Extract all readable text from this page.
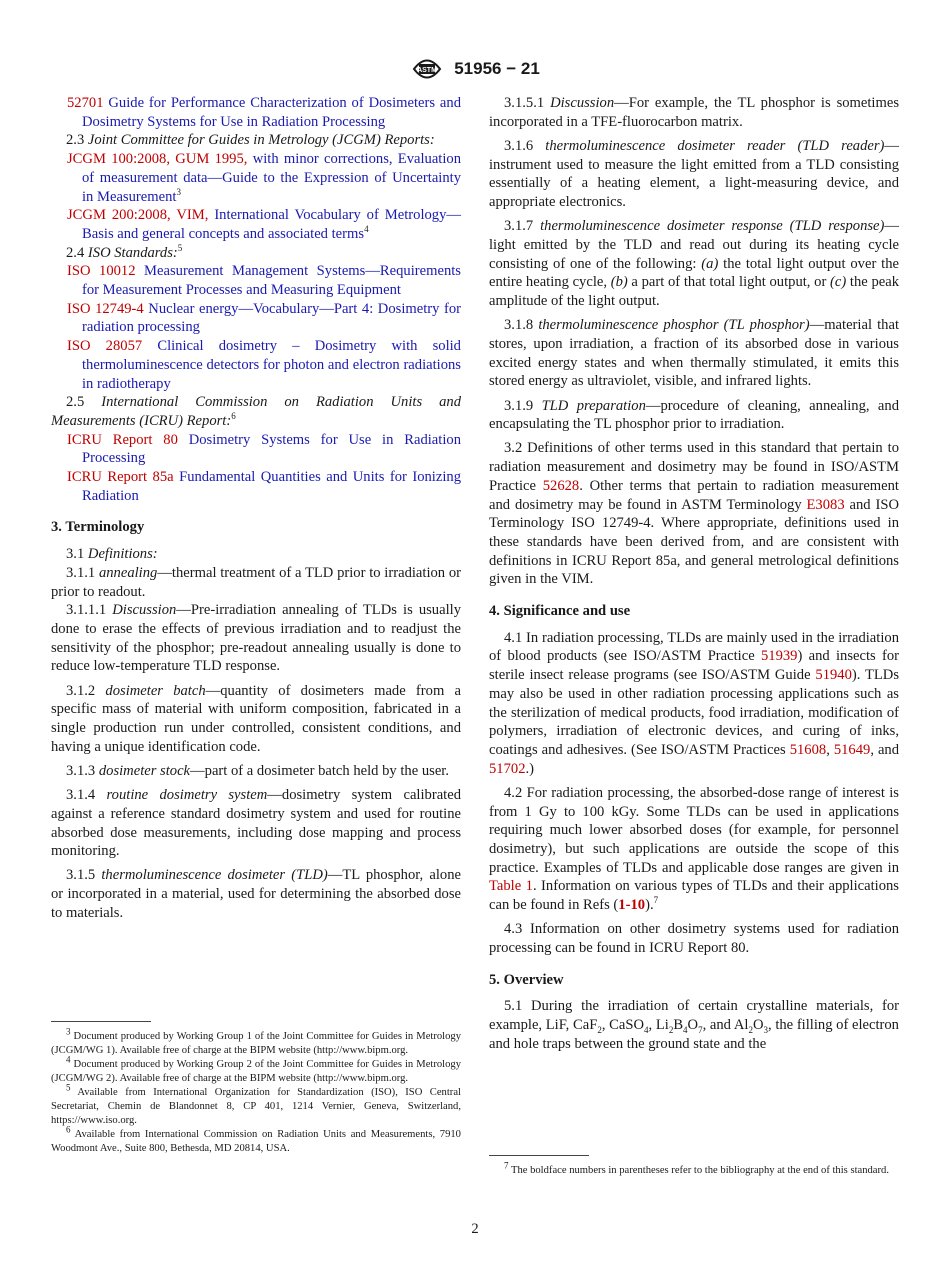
ASTM 51956 − 21

52701 Guide for Performance Characterization of Dosimeters and Dosimetry Systems for Use in Radiation Processing

2.3 Joint Committee for Guides in Metrology (JCGM) Reports:

JCGM 100:2008, GUM 1995, with minor corrections, Evaluation of measurement data—Guide to the Expression of Uncertainty in Measurement$^3$

JCGM 200:2008, VIM, International Vocabulary of Metrology—Basis and general concepts and associated terms$^4$

2.4 ISO Standards:$^5$

ISO 10012 Measurement Management Systems—Requirements for Measurement Processes and Measuring Equipment

ISO 12749-4 Nuclear energy—Vocabulary—Part 4: Dosimetry for radiation processing

ISO 28057 Clinical dosimetry – Dosimetry with solid thermoluminescence detectors for photon and electron radiations in radiotherapy

2.5 International Commission on Radiation Units and Measurements (ICRU) Report:$^6$

ICRU Report 80 Dosimetry Systems for Use in Radiation Processing

ICRU Report 85a Fundamental Quantities and Units for Ionizing Radiation

3. Terminology

3.1 Definitions:

3.1.1 annealing—thermal treatment of a TLD prior to irradiation or prior to readout.

3.1.1.1 Discussion—Pre-irradiation annealing of TLDs is usually done to erase the effects of previous irradiation and to readjust the sensitivity of the phosphor; pre-readout annealing usually is done to reduce low-temperature TLD response.

3.1.2 dosimeter batch—quantity of dosimeters made from a specific mass of material with uniform composition, fabricated in a single production run under controlled, consistent conditions, and having a unique identification code.

3.1.3 dosimeter stock—part of a dosimeter batch held by the user.

3.1.4 routine dosimetry system—dosimetry system calibrated against a reference standard dosimetry system and used for routine absorbed dose measurements, including dose mapping and process monitoring.

3.1.5 thermoluminescence dosimeter (TLD)—TL phosphor, alone or incorporated in a material, used for determining the absorbed dose to materials.

3.1.5.1 Discussion—For example, the TL phosphor is sometimes incorporated in a TFE-fluorocarbon matrix.

3.1.6 thermoluminescence dosimeter reader (TLD reader)—instrument used to measure the light emitted from a TLD consisting essentially of a heating element, a light-measuring device, and appropriate electronics.

3.1.7 thermoluminescence dosimeter response (TLD response)—light emitted by the TLD and read out during its heating cycle consisting of one of the following: (a) the total light output over the entire heating cycle, (b) a part of that total light output, or (c) the peak amplitude of the light output.

3.1.8 thermoluminescence phosphor (TL phosphor)—material that stores, upon irradiation, a fraction of its absorbed dose in various excited energy states and when thermally stimulated, it emits this stored energy as ultraviolet, visible, and infrared lights.

3.1.9 TLD preparation—procedure of cleaning, annealing, and encapsulating the TL phosphor prior to irradiation.

3.2 Definitions of other terms used in this standard that pertain to radiation measurement and dosimetry may be found in ISO/ASTM Practice 52628. Other terms that pertain to radiation measurement and dosimetry may be found in ASTM Terminology E3083 and ISO Terminology ISO 12749-4. Where appropriate, definitions used in these standards have been derived from, and are consistent with definitions in ICRU Report 85a, and general metrological definitions given in the VIM.

4. Significance and use

4.1 In radiation processing, TLDs are mainly used in the irradiation of blood products (see ISO/ASTM Practice 51939) and insects for sterile insect release programs (see ISO/ASTM Guide 51940). TLDs may also be used in other radiation processing applications such as the sterilization of medical products, food irradiation, modification of polymers, irradiation of electronic devices, and curing of inks, coatings and adhesives. (See ISO/ASTM Practices 51608, 51649, and 51702.)

4.2 For radiation processing, the absorbed-dose range of interest is from 1 Gy to 100 kGy. Some TLDs can be used in applications requiring much lower absorbed doses (for example, for personnel dosimetry), but such applications are outside the scope of this practice. Examples of TLDs and applicable dose ranges are given in Table 1. Information on various types of TLDs and their applications can be found in Refs (1-10).$^7$

4.3 Information on other dosimetry systems used for radiation processing can be found in ICRU Report 80.

5. Overview

5.1 During the irradiation of certain crystalline materials, for example, LiF, CaF$_2$, CaSO$_4$, $Li_2B_4O_7$, and $Al_2O_3$, the filling of electron and hole traps between the ground state and the

$^3$ Document produced by Working Group 1 of the Joint Committee for Guides in Metrology (JCGM/WG 1). Available free of charge at the BIPM website (http://www.bipm.org.

$^4$ Document produced by Working Group 2 of the Joint Committee for Guides in Metrology (JCGM/WG 2). Available free of charge at the BIPM website (http://www.bipm.org.

$^5$ Available from International Organization for Standardization (ISO), ISO Central Secretariat, Chemin de Blandonnet 8, CP 401, 1214 Vernier, Geneva, Switzerland, https://www.iso.org.

$^6$ Available from International Commission on Radiation Units and Measurements, 7910 Woodmont Ave., Suite 800, Bethesda, MD 20814, USA.

$^7$ The boldface numbers in parentheses refer to the bibliography at the end of this standard.

2
